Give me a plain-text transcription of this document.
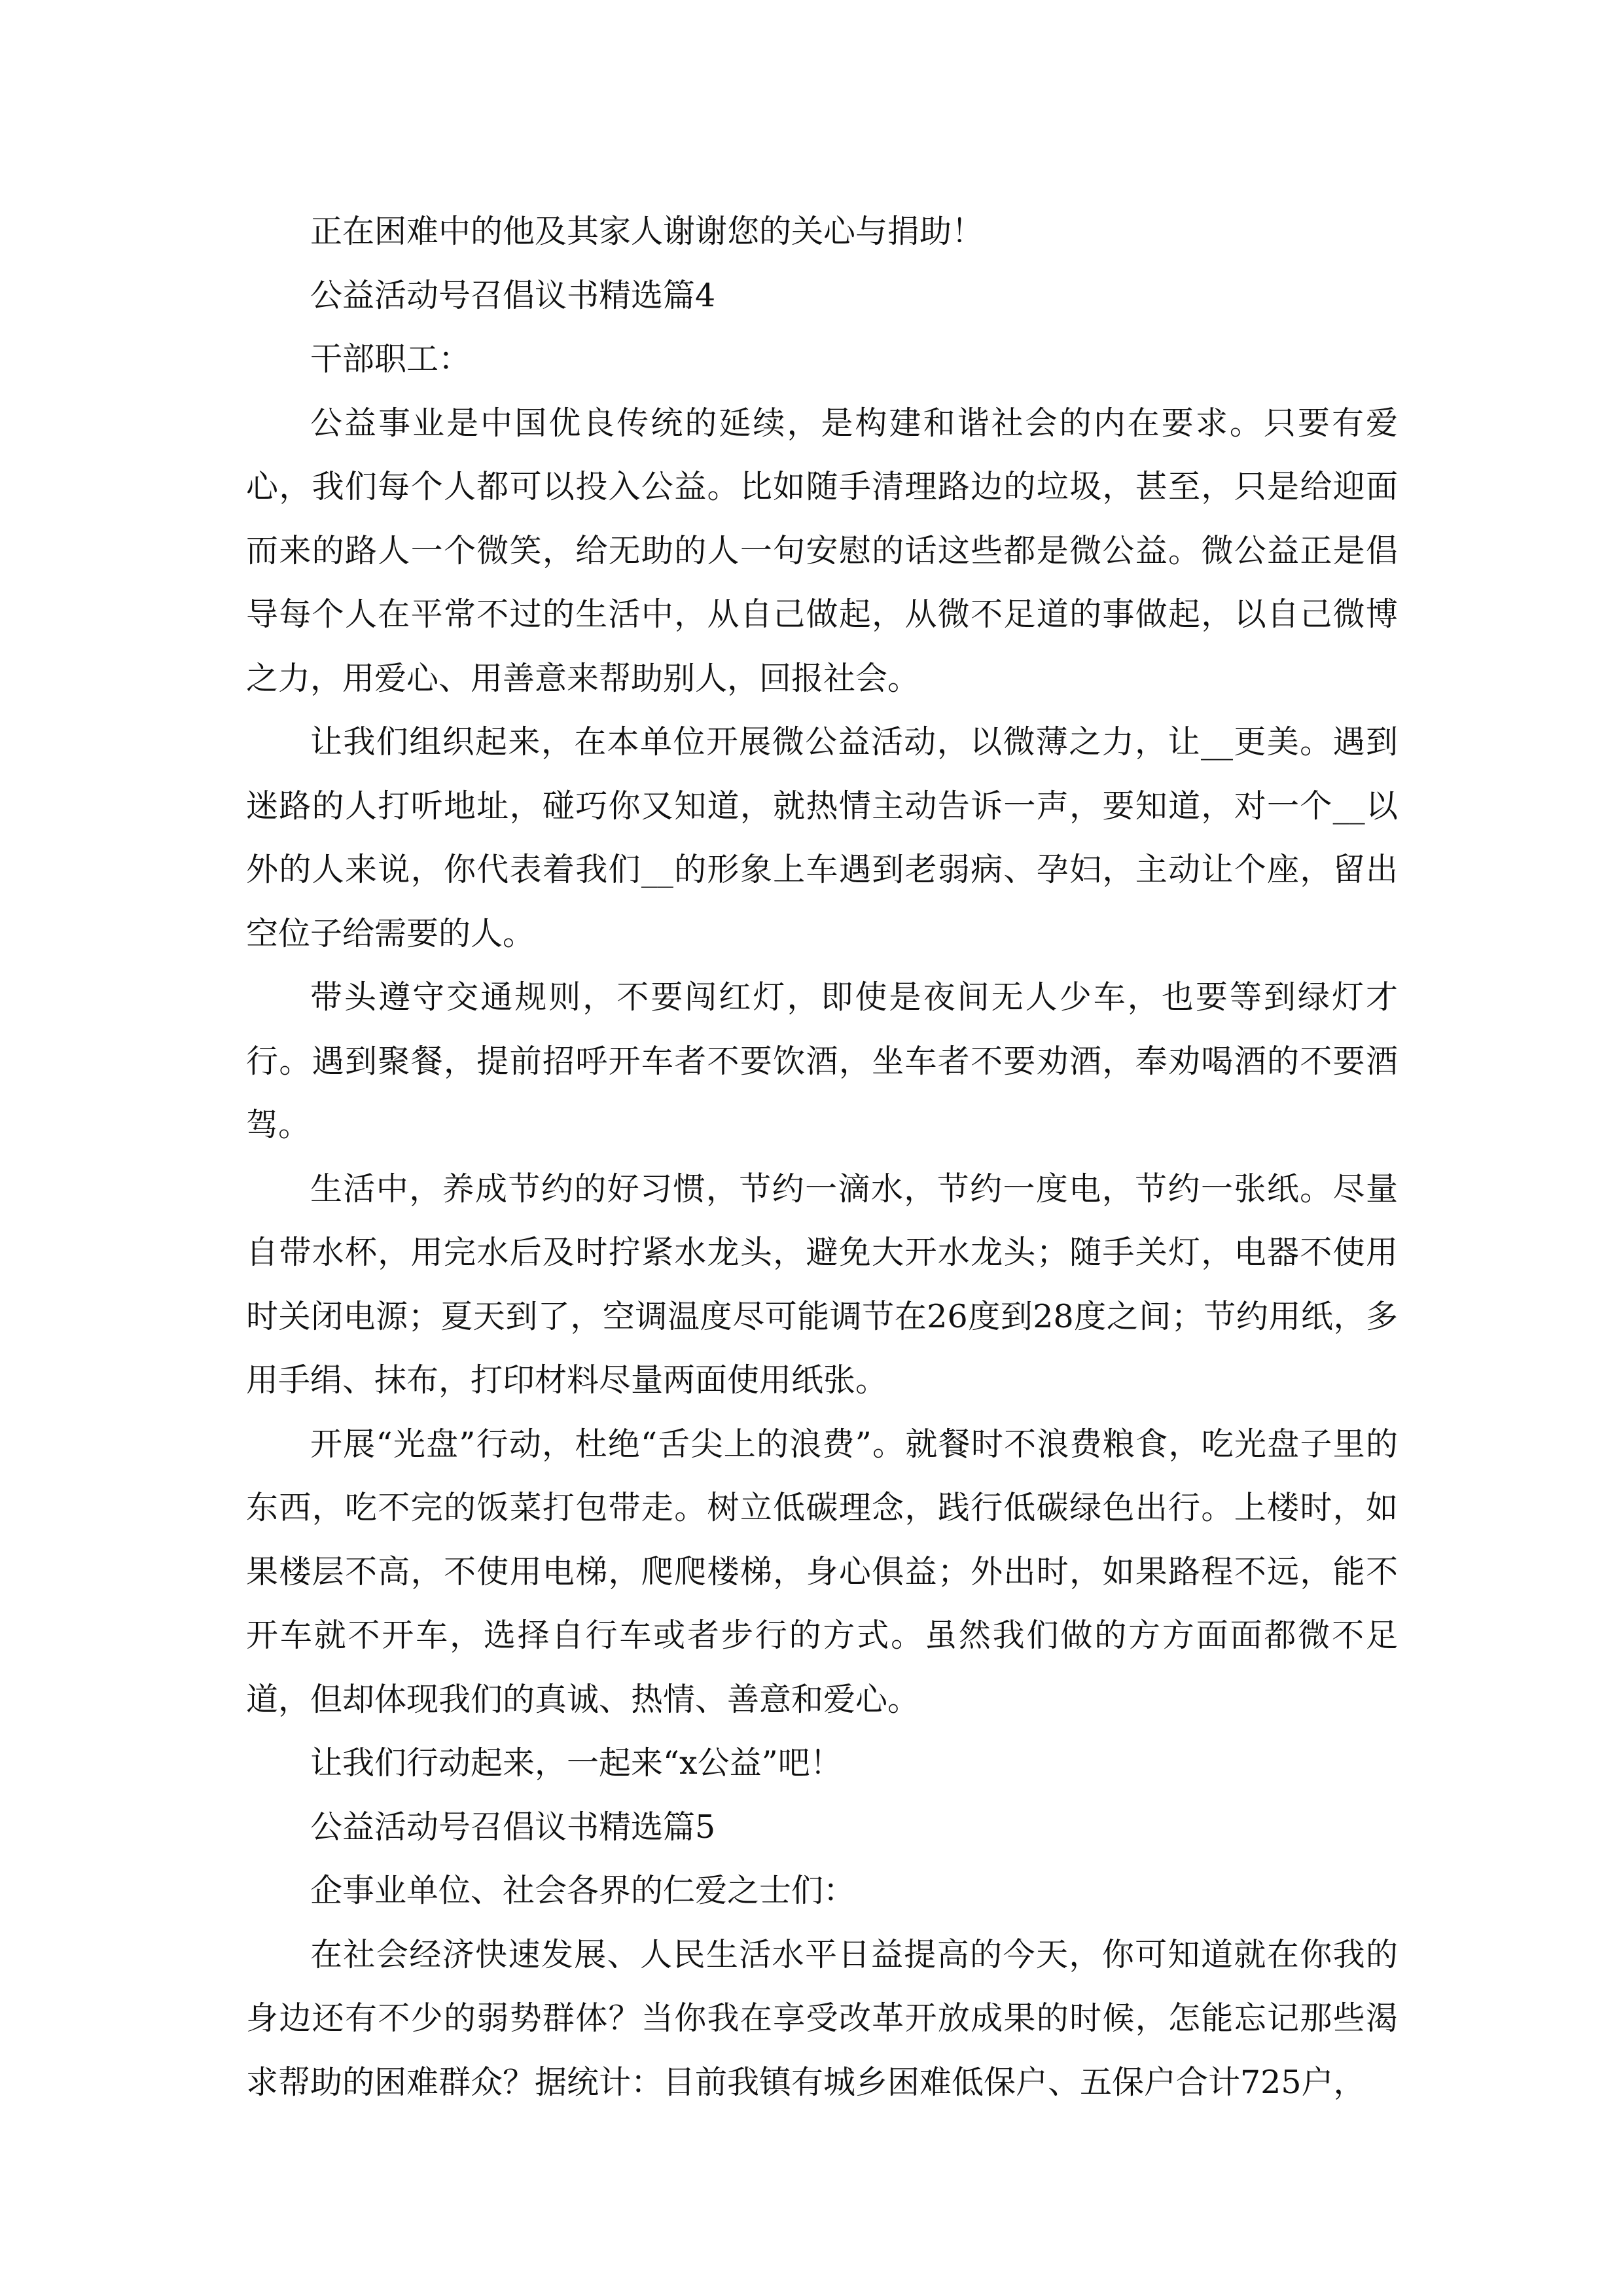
正在困难中的他及其家人谢谢您的关心与捐助！

公益活动号召倡议书精选篇4

干部职工：

公益事业是中国优良传统的延续，是构建和谐社会的内在要求。只要有爱心，我们每个人都可以投入公益。比如随手清理路边的垃圾，甚至，只是给迎面而来的路人一个微笑，给无助的人一句安慰的话这些都是微公益。微公益正是倡导每个人在平常不过的生活中，从自己做起，从微不足道的事做起，以自己微博之力，用爱心、用善意来帮助别人，回报社会。

让我们组织起来，在本单位开展微公益活动，以微薄之力，让__更美。遇到迷路的人打听地址，碰巧你又知道，就热情主动告诉一声，要知道，对一个__以外的人来说，你代表着我们__的形象上车遇到老弱病、孕妇，主动让个座，留出空位子给需要的人。

带头遵守交通规则，不要闯红灯，即使是夜间无人少车，也要等到绿灯才行。遇到聚餐，提前招呼开车者不要饮酒，坐车者不要劝酒，奉劝喝酒的不要酒驾。

生活中，养成节约的好习惯，节约一滴水，节约一度电，节约一张纸。尽量自带水杯，用完水后及时拧紧水龙头，避免大开水龙头；随手关灯，电器不使用时关闭电源；夏天到了，空调温度尽可能调节在26度到28度之间；节约用纸，多用手绢、抹布，打印材料尽量两面使用纸张。

开展“光盘”行动，杜绝“舌尖上的浪费”。就餐时不浪费粮食，吃光盘子里的东西，吃不完的饭菜打包带走。树立低碳理念，践行低碳绿色出行。上楼时，如果楼层不高，不使用电梯，爬爬楼梯，身心俱益；外出时，如果路程不远，能不开车就不开车，选择自行车或者步行的方式。虽然我们做的方方面面都微不足道，但却体现我们的真诚、热情、善意和爱心。

让我们行动起来，一起来“x公益”吧！

公益活动号召倡议书精选篇5

企事业单位、社会各界的仁爱之士们：

在社会经济快速发展、人民生活水平日益提高的今天，你可知道就在你我的身边还有不少的弱势群体？当你我在享受改革开放成果的时候，怎能忘记那些渴求帮助的困难群众？据统计：目前我镇有城乡困难低保户、五保户合计725户，
